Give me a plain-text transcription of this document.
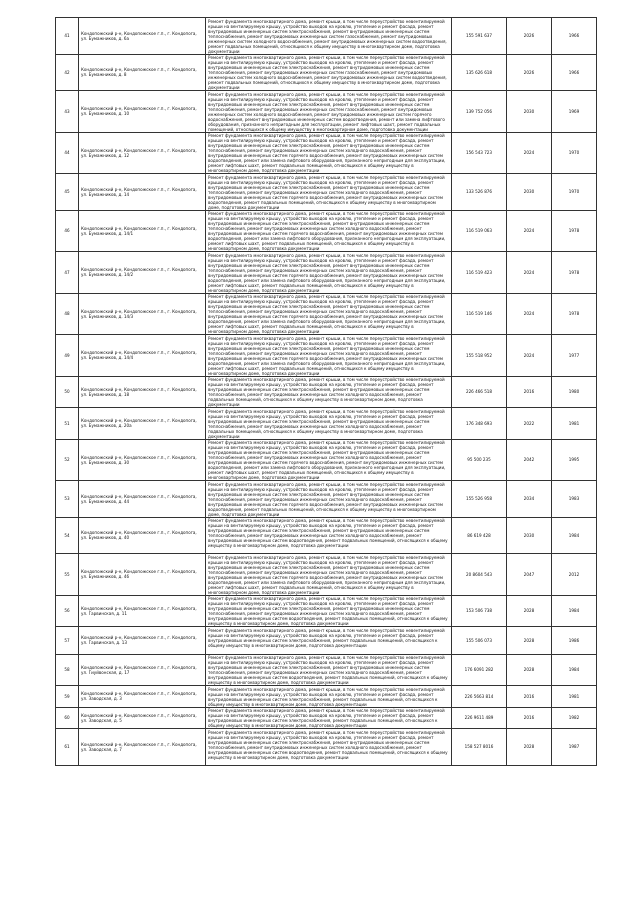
41	Кондопожский р-н, Кондопожское г.п., г. Кондопога, ул. Бумажников, д. 6а	Ремонт фундамента многоквартирного дома, ремонт крыши, в том числе переустройство невентилируемой крыши на вентилируемую крышу, устройство выходов на кровлю, утепление и ремонт фасада, ремонт внутридомовых инженерных систем электроснабжения, ремонт внутридомовых инженерных систем теплоснабжения, ремонт внутридомовых инженерных систем газоснабжения, ремонт внутридомовых инженерных систем холодного водоснабжения, ремонт внутридомовых инженерных систем водоотведения, ремонт подвальных помещений, относящихся к общему имуществу в многоквартирном доме, подготовка документации	155 591 637	2026	1966
42	Кондопожский р-н, Кондопожское г.п., г. Кондопога, ул. Бумажников, д. 8	Ремонт фундамента многоквартирного дома, ремонт крыши, в том числе переустройство невентилируемой крыши на вентилируемую крышу, устройство выходов на кровлю, утепление и ремонт фасада, ремонт внутридомовых инженерных систем электроснабжения, ремонт внутридомовых инженерных систем теплоснабжения, ремонт внутридомовых инженерных систем газоснабжения, ремонт внутридомовых инженерных систем холодного водоснабжения, ремонт внутридомовых инженерных систем водоотведения, ремонт подвальных помещений, относящихся к общему имуществу в многоквартирном доме, подготовка документации	135 626 618	2026	1966
43	Кондопожский р-н, Кондопожское г.п., г. Кондопога, ул. Бумажников, д. 10	Ремонт фундамента многоквартирного дома, ремонт крыши, в том числе переустройство невентилируемой крыши на вентилируемую крышу, устройство выходов на кровлю, утепление и ремонт фасада, ремонт внутридомовых инженерных систем электроснабжения, ремонт внутридомовых инженерных систем теплоснабжения, ремонт внутридомовых инженерных систем газоснабжения, ремонт внутридомовых инженерных систем холодного водоснабжения, ремонт внутридомовых инженерных систем горячего водоснабжения, ремонт внутридомовых инженерных систем водоотведения, ремонт или замена лифтового оборудования, признанного непригодным для эксплуатации, ремонт лифтовых шахт, ремонт подвальных помещений, относящихся к общему имуществу в многоквартирном доме, подготовка документации	139 752 056	2030	1969
44	Кондопожский р-н, Кондопожское г.п., г. Кондопога, ул. Бумажников, д. 12	Ремонт фундамента многоквартирного дома, ремонт крыши, в том числе переустройство невентилируемой крыши на вентилируемую крышу, устройство выходов на кровлю, утепление и ремонт фасада, ремонт внутридомовых инженерных систем электроснабжения, ремонт внутридомовых инженерных систем теплоснабжения, ремонт внутридомовых инженерных систем холодного водоснабжения, ремонт внутридомовых инженерных систем горячего водоснабжения, ремонт внутридомовых инженерных систем водоотведения, ремонт или замена лифтового оборудования, признанного непригодным для эксплуатации, ремонт лифтовых шахт, ремонт подвальных помещений, относящихся к общему имуществу в многоквартирном доме, подготовка документации	156 543 723	2024	1970
45	Кондопожский р-н, Кондопожское г.п., г. Кондопога, ул. Бумажников, д. 14	Ремонт фундамента многоквартирного дома, ремонт крыши, в том числе переустройство невентилируемой крыши на вентилируемую крышу, устройство выходов на кровлю, утепление и ремонт фасада, ремонт внутридомовых инженерных систем электроснабжения, ремонт внутридомовых инженерных систем теплоснабжения, ремонт внутридомовых инженерных систем холодного водоснабжения, ремонт внутридомовых инженерных систем горячего водоснабжения, ремонт внутридомовых инженерных систем водоотведения, ремонт подвальных помещений, относящихся к общему имуществу в многоквартирном доме, подготовка документации	133 526 876	2030	1970
46	Кондопожский р-н, Кондопожское г.п., г. Кондопога, ул. Бумажников, д. 14/1	Ремонт фундамента многоквартирного дома, ремонт крыши, в том числе переустройство невентилируемой крыши на вентилируемую крышу, устройство выходов на кровлю, утепление и ремонт фасада, ремонт внутридомовых инженерных систем электроснабжения, ремонт внутридомовых инженерных систем теплоснабжения, ремонт внутридомовых инженерных систем холодного водоснабжения, ремонт внутридомовых инженерных систем горячего водоснабжения, ремонт внутридомовых инженерных систем водоотведения, ремонт или замена лифтового оборудования, признанного непригодным для эксплуатации, ремонт лифтовых шахт, ремонт подвальных помещений, относящихся к общему имуществу в многоквартирном доме, подготовка документации	116 519 063	2024	1978
47	Кондопожский р-н, Кондопожское г.п., г. Кондопога, ул. Бумажников, д. 14/2	Ремонт фундамента многоквартирного дома, ремонт крыши, в том числе переустройство невентилируемой крыши на вентилируемую крышу, устройство выходов на кровлю, утепление и ремонт фасада, ремонт внутридомовых инженерных систем электроснабжения, ремонт внутридомовых инженерных систем теплоснабжения, ремонт внутридомовых инженерных систем холодного водоснабжения, ремонт внутридомовых инженерных систем горячего водоснабжения, ремонт внутридомовых инженерных систем водоотведения, ремонт или замена лифтового оборудования, признанного непригодным для эксплуатации, ремонт лифтовых шахт, ремонт подвальных помещений, относящихся к общему имуществу в многоквартирном доме, подготовка документации	116 519 423	2024	1978
48	Кондопожский р-н, Кондопожское г.п., г. Кондопога, ул. Бумажников, д. 14/3	Ремонт фундамента многоквартирного дома, ремонт крыши, в том числе переустройство невентилируемой крыши на вентилируемую крышу, устройство выходов на кровлю, утепление и ремонт фасада, ремонт внутридомовых инженерных систем электроснабжения, ремонт внутридомовых инженерных систем теплоснабжения, ремонт внутридомовых инженерных систем холодного водоснабжения, ремонт внутридомовых инженерных систем горячего водоснабжения, ремонт внутридомовых инженерных систем водоотведения, ремонт или замена лифтового оборудования, признанного непригодным для эксплуатации, ремонт лифтовых шахт, ремонт подвальных помещений, относящихся к общему имуществу в многоквартирном доме, подготовка документации	116 519 146	2024	1978
49	Кондопожский р-н, Кондопожское г.п., г. Кондопога, ул. Бумажников, д. 14/4	Ремонт фундамента многоквартирного дома, ремонт крыши, в том числе переустройство невентилируемой крыши на вентилируемую крышу, устройство выходов на кровлю, утепление и ремонт фасада, ремонт внутридомовых инженерных систем электроснабжения, ремонт внутридомовых инженерных систем теплоснабжения, ремонт внутридомовых инженерных систем холодного водоснабжения, ремонт внутридомовых инженерных систем горячего водоснабжения, ремонт внутридомовых инженерных систем водоотведения, ремонт или замена лифтового оборудования, признанного непригодным для эксплуатации, ремонт лифтовых шахт, ремонт подвальных помещений, относящихся к общему имуществу в многоквартирном доме, подготовка документации	155 518 952	2024	1977
50	Кондопожский р-н, Кондопожское г.п., г. Кондопога, ул. Бумажников, д. 18	Ремонт фундамента многоквартирного дома, ремонт крыши, в том числе переустройство невентилируемой крыши на вентилируемую крышу, устройство выходов на кровлю, утепление и ремонт фасада, ремонт внутридомовых инженерных систем электроснабжения, ремонт внутридомовых инженерных систем теплоснабжения, ремонт внутридомовых инженерных систем холодного водоснабжения, ремонт подвальных помещений, относящихся к общему имуществу в многоквартирном доме, подготовка документации	226 466 518	2016	1980
51	Кондопожский р-н, Кондопожское г.п., г. Кондопога, ул. Бумажников, д. 20а	Ремонт фундамента многоквартирного дома, ремонт крыши, в том числе переустройство невентилируемой крыши на вентилируемую крышу, устройство выходов на кровлю, утепление и ремонт фасада, ремонт внутридомовых инженерных систем электроснабжения, ремонт внутридомовых инженерных систем теплоснабжения, ремонт внутридомовых инженерных систем холодного водоснабжения, ремонт подвальных помещений, относящихся к общему имуществу в многоквартирном доме, подготовка документации	176 348 693	2022	1981
52	Кондопожский р-н, Кондопожское г.п., г. Кондопога, ул. Бумажников, д. 30	Ремонт фундамента многоквартирного дома, ремонт крыши, в том числе переустройство невентилируемой крыши на вентилируемую крышу, устройство выходов на кровлю, утепление и ремонт фасада, ремонт внутридомовых инженерных систем электроснабжения, ремонт внутридомовых инженерных систем теплоснабжения, ремонт внутридомовых инженерных систем холодного водоснабжения, ремонт внутридомовых инженерных систем горячего водоснабжения, ремонт внутридомовых инженерных систем водоотведения, ремонт или замена лифтового оборудования, признанного непригодным для эксплуатации, ремонт лифтовых шахт, ремонт подвальных помещений, относящихся к общему имуществу в многоквартирном доме, подготовка документации	95 500 235	2042	1995
53	Кондопожский р-н, Кондопожское г.п., г. Кондопога, ул. Бумажников, д. 44	Ремонт фундамента многоквартирного дома, ремонт крыши, в том числе переустройство невентилируемой крыши на вентилируемую крышу, устройство выходов на кровлю, утепление и ремонт фасада, ремонт внутридомовых инженерных систем электроснабжения, ремонт внутридомовых инженерных систем теплоснабжения, ремонт внутридомовых инженерных систем холодного водоснабжения, ремонт внутридомовых инженерных систем горячего водоснабжения, ремонт внутридомовых инженерных систем водоотведения, ремонт подвальных помещений, относящихся к общему имуществу в многоквартирном доме, подготовка документации	155 526 958	2034	1983
54	Кондопожский р-н, Кондопожское г.п., г. Кондопога, ул. Бумажников, д. 40	Ремонт фундамента многоквартирного дома, ремонт крыши, в том числе переустройство невентилируемой крыши на вентилируемую крышу, устройство выходов на кровлю, утепление и ремонт фасада, ремонт внутридомовых инженерных систем электроснабжения, ремонт внутридомовых инженерных систем теплоснабжения, ремонт внутридомовых инженерных систем холодного водоснабжения, ремонт внутридомовых инженерных систем водоотведения, ремонт подвальных помещений, относящихся к общему имуществу в многоквартирном доме, подготовка документации	86 619 428	2030	1984
55	Кондопожский р-н, Кондопожское г.п., г. Кондопога, ул. Бумажников, д. 46	Ремонт фундамента многоквартирного дома, ремонт крыши, в том числе переустройство невентилируемой крыши на вентилируемую крышу, устройство выходов на кровлю, утепление и ремонт фасада, ремонт внутридомовых инженерных систем электроснабжения, ремонт внутридомовых инженерных систем теплоснабжения, ремонт внутридомовых инженерных систем холодного водоснабжения, ремонт внутридомовых инженерных систем горячего водоснабжения, ремонт внутридомовых инженерных систем водоотведения, ремонт или замена лифтового оборудования, признанного непригодным для эксплуатации, ремонт лифтовых шахт, ремонт подвальных помещений, относящихся к общему имуществу в многоквартирном доме, подготовка документации	20 8604 543	2047	2012
56	Кондопожский р-н, Кондопожское г.п., г. Кондопога, ул. Гарвинская, д. 11	Ремонт фундамента многоквартирного дома, ремонт крыши, в том числе переустройство невентилируемой крыши на вентилируемую крышу, устройство выходов на кровлю, утепление и ремонт фасада, ремонт внутридомовых инженерных систем электроснабжения, ремонт внутридомовых инженерных систем теплоснабжения, ремонт внутридомовых инженерных систем холодного водоснабжения, ремонт внутридомовых инженерных систем водоотведения, ремонт подвальных помещений, относящихся к общему имуществу в многоквартирном доме, подготовка документации	153 506 738	2028	1984
57	Кондопожский р-н, Кондопожское г.п., г. Кондопога, ул. Гарвинская, д. 13	Ремонт фундамента многоквартирного дома, ремонт крыши, в том числе переустройство невентилируемой крыши на вентилируемую крышу, устройство выходов на кровлю, утепление и ремонт фасада, ремонт внутридомовых инженерных систем электроснабжения, ремонт подвальных помещений, относящихся к общему имуществу в многоквартирном доме, подготовка документации	155 506 073	2028	1986
58	Кондопожский р-н, Кондопожское г.п., г. Кондопога, ул. Гиуйвонская, д. 17	Ремонт фундамента многоквартирного дома, ремонт крыши, в том числе переустройство невентилируемой крыши на вентилируемую крышу, устройство выходов на кровлю, утепление и ремонт фасада, ремонт внутридомовых инженерных систем электроснабжения, ремонт внутридомовых инженерных систем теплоснабжения, ремонт внутридомовых инженерных систем холодного водоснабжения, ремонт внутридомовых инженерных систем водоотведения, ремонт подвальных помещений, относящихся к общему имуществу в многоквартирном доме, подготовка документации	176 6091 282	2028	1984
59	Кондопожский р-н, Кондопожское г.п., г. Кондопога, ул. Заводская, д. 3	Ремонт фундамента многоквартирного дома, ремонт крыши, в том числе переустройство невентилируемой крыши на вентилируемую крышу, устройство выходов на кровлю, утепление и ремонт фасада, ремонт внутридомовых инженерных систем электроснабжения, ремонт подвальных помещений, относящихся к общему имуществу в многоквартирном доме, подготовка документации	226 5663 814	2016	1981
60	Кондопожский р-н, Кондопожское г.п., г. Кондопога, ул. Заводская, д. 5	Ремонт фундамента многоквартирного дома, ремонт крыши, в том числе переустройство невентилируемой крыши на вентилируемую крышу, устройство выходов на кровлю, утепление и ремонт фасада, ремонт внутридомовых инженерных систем электроснабжения, ремонт подвальных помещений, относящихся к общему имуществу в многоквартирном доме, подготовка документации	226 9611 489	2016	1982
61	Кондопожский р-н, Кондопожское г.п., г. Кондопога, ул. Заводская, д. 7	Ремонт фундамента многоквартирного дома, ремонт крыши, в том числе переустройство невентилируемой крыши на вентилируемую крышу, устройство выходов на кровлю, утепление и ремонт фасада, ремонт внутридомовых инженерных систем электроснабжения, ремонт внутридомовых инженерных систем теплоснабжения, ремонт внутридомовых инженерных систем холодного водоснабжения, ремонт внутридомовых инженерных систем водоотведения, ремонт подвальных помещений, относящихся к общему имуществу в многоквартирном доме, подготовка документации	158 527 8016	2028	1987
